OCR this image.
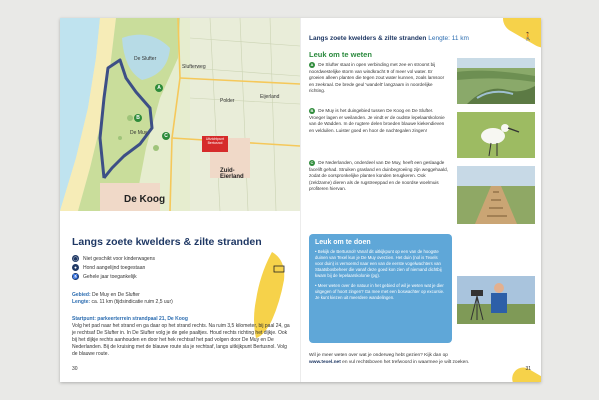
De Koog
Zuid-
Eierland
Eijerland
De Slufter
De Muy
Polder
Slufterweg
Uitzichtpunt Bertusnol
A
B
C
Langs zoete kwelders & zilte stranden
◯ Niet geschikt voor kinderwagens
●	Hond aangelijnd toegestaan
♿ Gehele jaar toegankelijk
Gebied: De Muy en De Slufter
Lengte: ca. 11 km (tijdsindicatie ruim 2,5 uur)
Startpunt: parkeerterrein strandpaal 21, De Koog
Volg het pad naar het strand en ga daar op het strand rechts. Na ruim 3,5 kilometer, bij paal 24, ga je rechtsaf De Slufter in. In De Slufter volg je de gele paaltjes. Houd rechts richting het dijkje. Ook bij het dijkje rechts aanhouden en door het hek rechtsaf het pad volgen door De Muy en De Nederlanden. Bij de kruising met de blauwe route sla je rechtsaf, langs uitkijkpunt Bertusnol. Volg de blauwe route.
30
🚶
Langs zoete kwelders & zilte stranden Lengte: 11 km
Leuk om te weten
A De Slufter staat in open verbinding met zee en stroomt bij noordwestelijke storm van windkracht 9 of meer vol water. Er groeien alleen planten die tegen zout water kunnen, zoals lamsoor en zeekraal. De brede geul 'wandelt' langzaam in noordelijke richting.
B De Muy is het duingebied tussen De Koog en De Slufter. Vroeger lagen er weilanden. Je vindt er de oudste lepelaarskolonie van de Wadden. In de rugtere delen broeden blauwe kiekendieven en velduilen. Luister goed en hoor de nachtegalen zingen!
C De Nederlanden, onderdeel van De Muy, heeft een geslaagde facelift gehad. Struiken grasland en duinbegroeiing zijn weggehaald, zodat de oorspronkelijke planten konden terugkeren. Ook (zeldzame) dieren als de rugstreeppad en de noordse woelmuis profiteren hiervan.
Leuk om te doen
• Bekijk de Bertusnol! Vanaf dit uitkijkpunt op een van de hoogste duinen van Texel kun je De Muy overzien. Het duin (nol is Texels voor duin) is vernoemd naar een van de eerste vogelwachters van Staatsbosbeheer die vanaf deze goed kon zien of niemand dichtbij kwam bij de lepelaarskolonie (pg).
• Meer weten over de natuur in het gebied of wil je weten wat je dier uitgegen of hoort zingen? Ga mee met een boswachter op excursie. Je kunt kiezen uit meerdere wandelingen.
Wil je meer weten over wat je onderweg hebt gezien? Kijk dan op www.texel.net en vul rechtsboven het trefwoord in waarmee je wilt zoeken.
31
